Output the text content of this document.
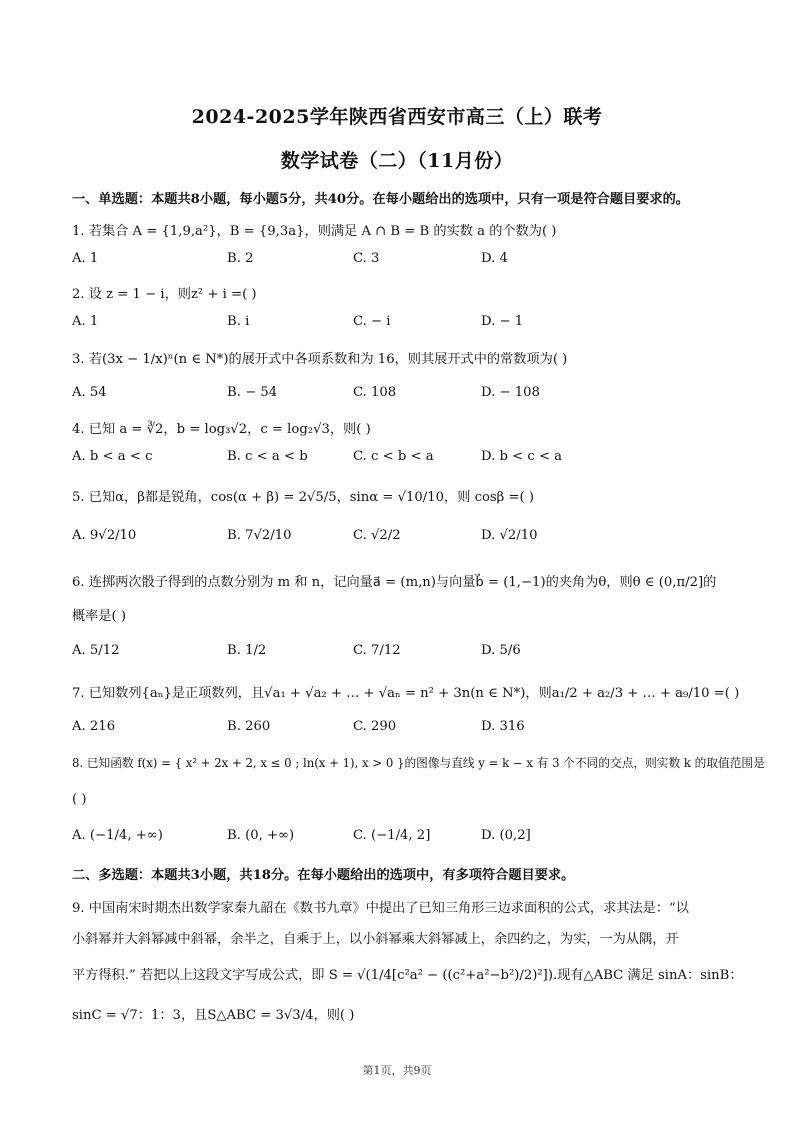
2024-2025学年陕西省西安市高三（上）联考
数学试卷（二）（11月份）
一、单选题：本题共8小题，每小题5分，共40分。在每小题给出的选项中，只有一项是符合题目要求的。
1. 若集合 A = {1,9,a²}，B = {9,3a}，则满足 A ∩ B = B 的实数 a 的个数为( )
A. 1	B. 2	C. 3	D. 4
2. 设 z = 1 − i，则z² + i =( )
A. 1	B. i	C. − i	D. − 1
3. 若(3x − 1/x)ⁿ(n ∈ N*)的展开式中各项系数和为 16，则其展开式中的常数项为( )
A. 54	B. − 54	C. 108	D. − 108
4. 已知 a = ∛2，b = log₃√2，c = log₂√3，则( )
A. b < a < c	B. c < a < b	C. c < b < a	D. b < c < a
5. 已知α，β都是锐角，cos(α + β) = 2√5/5，sinα = √10/10，则 cosβ =( )
A. 9√2/10	B. 7√2/10	C. √2/2	D. √2/10
6. 连掷两次骰子得到的点数分别为 m 和 n，记向量a⃗ = (m,n)与向量b⃗ = (1,−1)的夹角为θ，则θ ∈ (0,π/2]的
概率是( )
A. 5/12	B. 1/2	C. 7/12	D. 5/6
7. 已知数列{aₙ}是正项数列，且√a₁ + √a₂ + … + √aₙ = n² + 3n(n ∈ N*)，则a₁/2 + a₂/3 + … + a₉/10 =( )
A. 216	B. 260	C. 290	D. 316
8. 已知函数 f(x) = { x² + 2x + 2, x ≤ 0 ; ln(x + 1), x > 0 }的图像与直线 y = k − x 有 3 个不同的交点，则实数 k 的取值范围是
( )
A. (−1/4, +∞)	B. (0, +∞)	C. (−1/4, 2]	D. (0,2]
二、多选题：本题共3小题，共18分。在每小题给出的选项中，有多项符合题目要求。
9. 中国南宋时期杰出数学家秦九韶在《数书九章》中提出了已知三角形三边求面积的公式，求其法是：“以
小斜幂并大斜幂减中斜幂，余半之，自乘于上，以小斜幂乘大斜幂减上，余四约之，为实，一为从隅，开
平方得积.” 若把以上这段文字写成公式，即 S = √(1/4[c²a² − ((c²+a²−b²)/2)²]).现有△ABC 满足 sinA：sinB：
sinC = √7：1：3，且S△ABC = 3√3/4，则( )
第1页，共9页
